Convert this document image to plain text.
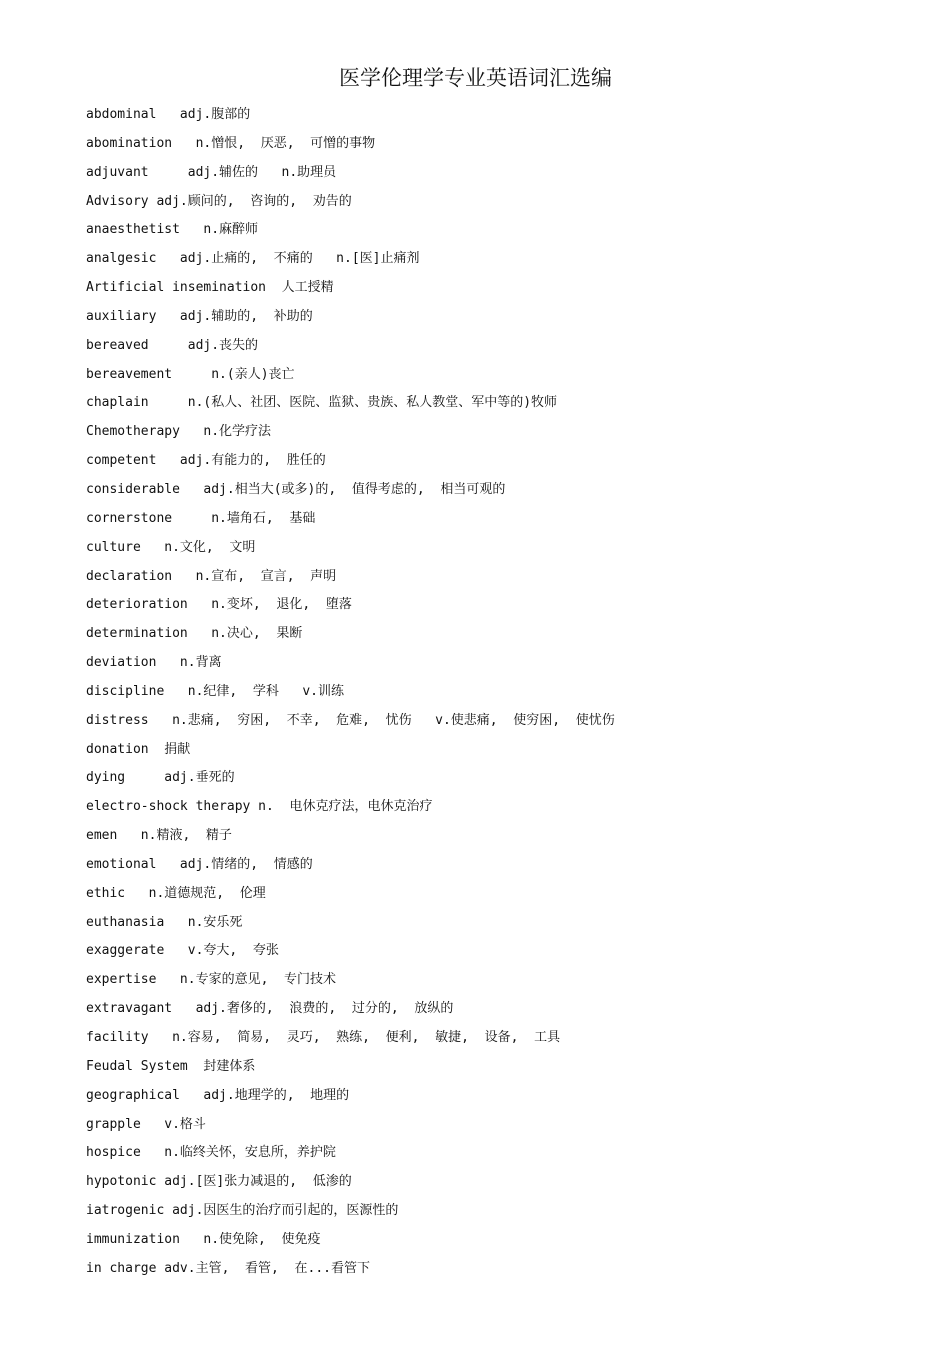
医学伦理学专业英语词汇选编
abdominal   adj.腹部的
abomination   n.憎恨,  厌恶,  可憎的事物
adjuvant     adj.辅佐的   n.助理员
Advisory adj.顾问的,  咨询的,  劝告的
anaesthetist   n.麻醉师
analgesic   adj.止痛的,  不痛的   n.[医]止痛剂
Artificial insemination  人工授精
auxiliary   adj.辅助的,  补助的
bereaved     adj.丧失的
bereavement     n.(亲人)丧亡
chaplain     n.(私人、社团、医院、监狱、贵族、私人教堂、军中等的)牧师
Chemotherapy   n.化学疗法
competent   adj.有能力的,  胜任的
considerable   adj.相当大(或多)的,  值得考虑的,  相当可观的
cornerstone     n.墙角石,  基础
culture   n.文化,  文明
declaration   n.宣布,  宣言,  声明
deterioration   n.变坏,  退化,  堕落
determination   n.决心,  果断
deviation   n.背离
discipline   n.纪律,  学科   v.训练
distress   n.悲痛,  穷困,  不幸,  危难,  忧伤   v.使悲痛,  使穷困,  使忧伤
donation  捐献
dying     adj.垂死的
electro-shock therapy n.  电休克疗法，电休克治疗
emen   n.精液,  精子
emotional   adj.情绪的,  情感的
ethic   n.道德规范,  伦理
euthanasia   n.安乐死
exaggerate   v.夸大,  夸张
expertise   n.专家的意见,  专门技术
extravagant   adj.奢侈的,  浪费的,  过分的,  放纵的
facility   n.容易,  简易,  灵巧,  熟练,  便利,  敏捷,  设备,  工具
Feudal System  封建体系
geographical   adj.地理学的,  地理的
grapple   v.格斗
hospice   n.临终关怀，安息所，养护院
hypotonic adj.[医]张力减退的,  低渗的
iatrogenic adj.因医生的治疗而引起的，医源性的
immunization   n.使免除,  使免疫
in charge adv.主管,  看管,  在...看管下
